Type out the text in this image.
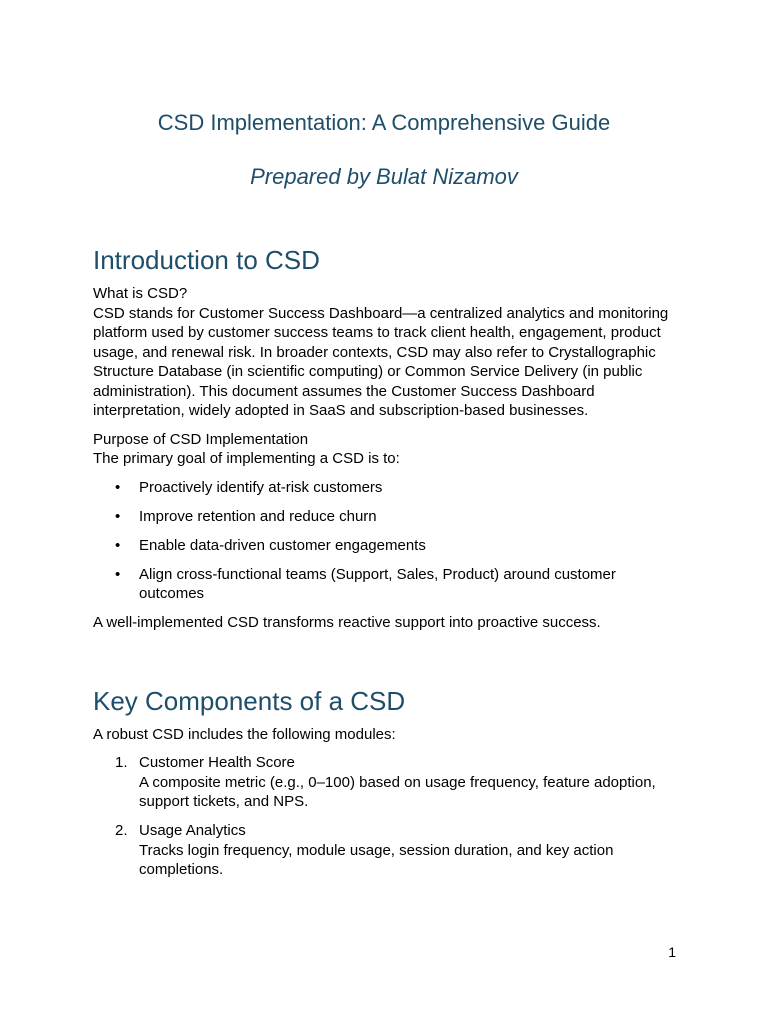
CSD Implementation: A Comprehensive Guide

Prepared by Bulat Nizamov

Introduction to CSD

What is CSD?

CSD stands for Customer Success Dashboard—a centralized analytics and monitoring platform used by customer success teams to track client health, engagement, product usage, and renewal risk. In broader contexts, CSD may also refer to Crystallographic Structure Database (in scientific computing) or Common Service Delivery (in public administration). This document assumes the Customer Success Dashboard interpretation, widely adopted in SaaS and subscription-based businesses.

Purpose of CSD Implementation

The primary goal of implementing a CSD is to:

• Proactively identify at-risk customers
• Improve retention and reduce churn
• Enable data-driven customer engagements
• Align cross-functional teams (Support, Sales, Product) around customer outcomes

A well-implemented CSD transforms reactive support into proactive success.

Key Components of a CSD

A robust CSD includes the following modules:

1. Customer Health Score

A composite metric (e.g., 0–100) based on usage frequency, feature adoption, support tickets, and NPS.

2. Usage Analytics

Tracks login frequency, module usage, session duration, and key action completions.

1
